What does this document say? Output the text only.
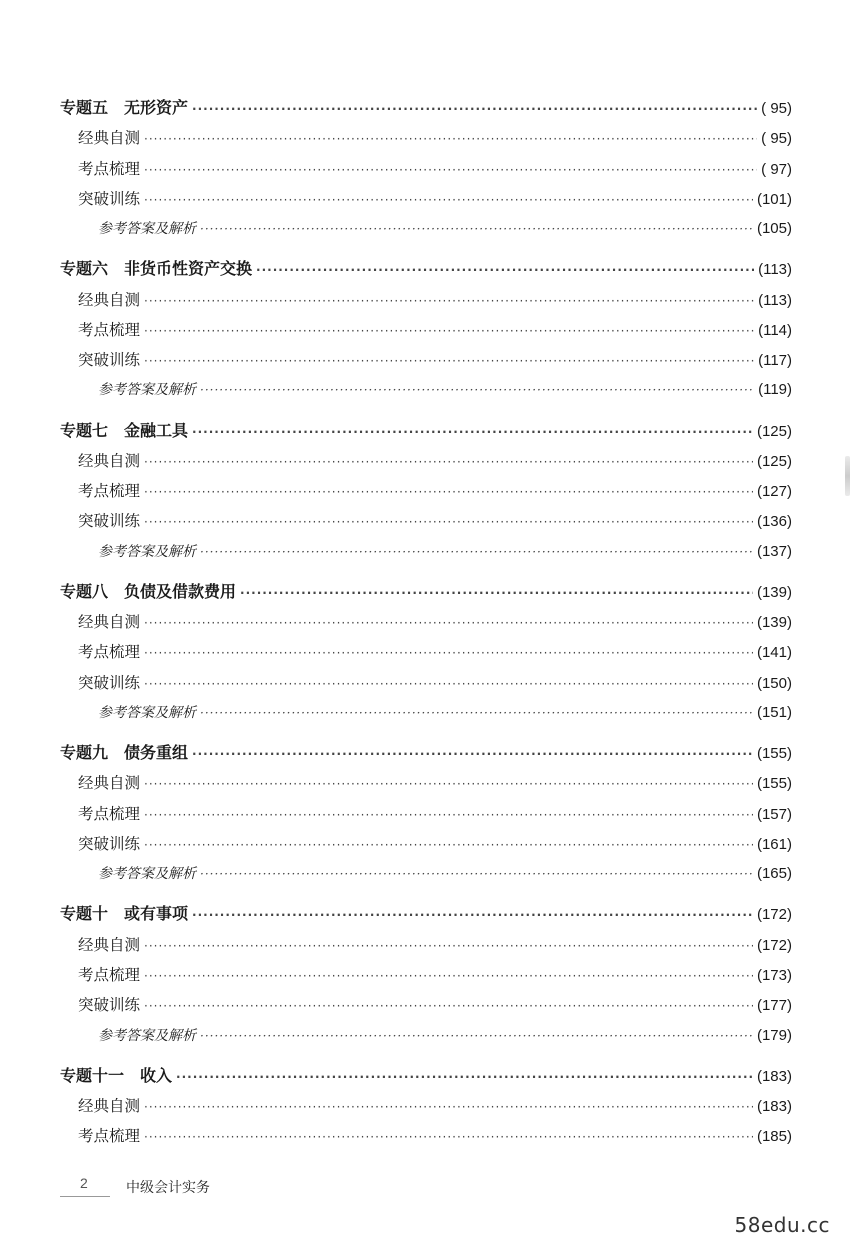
专题五　无形资产 ·····	( 95)
经典自测 ·····	( 95)
考点梳理 ·····	( 97)
突破训练 ·····	(101)
参考答案及解析 ·····	(105)
专题六　非货币性资产交换 ·····	(113)
经典自测 ·····	(113)
考点梳理 ·····	(114)
突破训练 ·····	(117)
参考答案及解析 ·····	(119)
专题七　金融工具 ·····	(125)
经典自测 ·····	(125)
考点梳理 ·····	(127)
突破训练 ·····	(136)
参考答案及解析 ·····	(137)
专题八　负债及借款费用 ·····	(139)
经典自测 ·····	(139)
考点梳理 ·····	(141)
突破训练 ·····	(150)
参考答案及解析 ·····	(151)
专题九　债务重组 ·····	(155)
经典自测 ·····	(155)
考点梳理 ·····	(157)
突破训练 ·····	(161)
参考答案及解析 ·····	(165)
专题十　或有事项 ·····	(172)
经典自测 ·····	(172)
考点梳理 ·····	(173)
突破训练 ·····	(177)
参考答案及解析 ·····	(179)
专题十一　收入 ·····	(183)
经典自测 ·····	(183)
考点梳理 ·····	(185)
2	中级会计实务
58edu.cc
